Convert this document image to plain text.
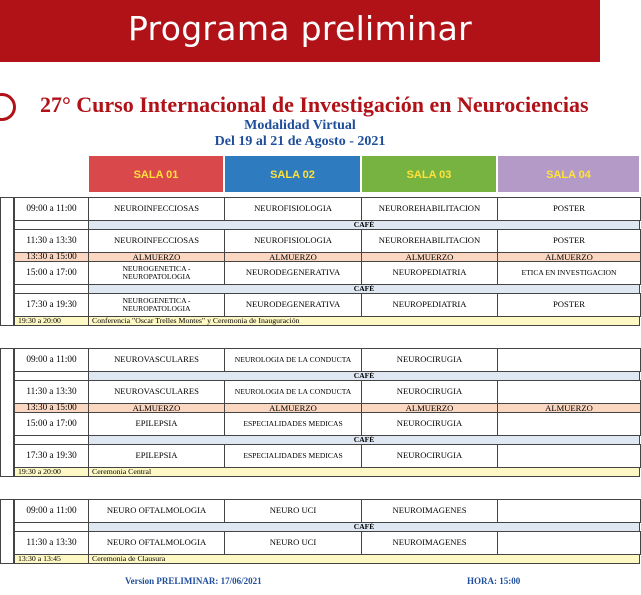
Programa preliminar
27° Curso Internacional de Investigación en Neurociencias
Modalidad Virtual
Del 19 al 21 de Agosto - 2021
SALA 01	SALA 02	SALA 03	SALA 04
09:00 a 11:00	NEUROINFECCIOSAS	NEUROFISIOLOGIA	NEUROREHABILITACION	POSTER
CAFÉ
11:30 a 13:30	NEUROINFECCIOSAS	NEUROFISIOLOGIA	NEUROREHABILITACION	POSTER
13:30 a 15:00	ALMUERZO	ALMUERZO	ALMUERZO	ALMUERZO
15:00 a 17:00	NEUROGENETICA - NEUROPATOLOGIA	NEURODEGENERATIVA	NEUROPEDIATRIA	ETICA EN INVESTIGACION
CAFÉ
17:30 a 19:30	NEUROGENETICA - NEUROPATOLOGIA	NEURODEGENERATIVA	NEUROPEDIATRIA	POSTER
19:30 a 20:00	Conferencia "Oscar Trelles Montes" y Ceremonia de Inauguración
09:00 a 11:00	NEUROVASCULARES	NEUROLOGIA DE LA CONDUCTA	NEUROCIRUGIA
CAFÉ
11:30 a 13:30	NEUROVASCULARES	NEUROLOGIA DE LA CONDUCTA	NEUROCIRUGIA
13:30 a 15:00	ALMUERZO	ALMUERZO	ALMUERZO	ALMUERZO
15:00 a 17:00	EPILEPSIA	ESPECIALIDADES MEDICAS	NEUROCIRUGIA
CAFÉ
17:30 a 19:30	EPILEPSIA	ESPECIALIDADES MEDICAS	NEUROCIRUGIA
19:30 a 20:00	Ceremonia Central
09:00 a 11:00	NEURO OFTALMOLOGIA	NEURO UCI	NEUROIMAGENES
CAFÉ
11:30 a 13:30	NEURO OFTALMOLOGIA	NEURO UCI	NEUROIMAGENES
13:30 a 13:45	Ceremonia de Clausura
Version PRELIMINAR: 17/06/2021	HORA: 15:00
